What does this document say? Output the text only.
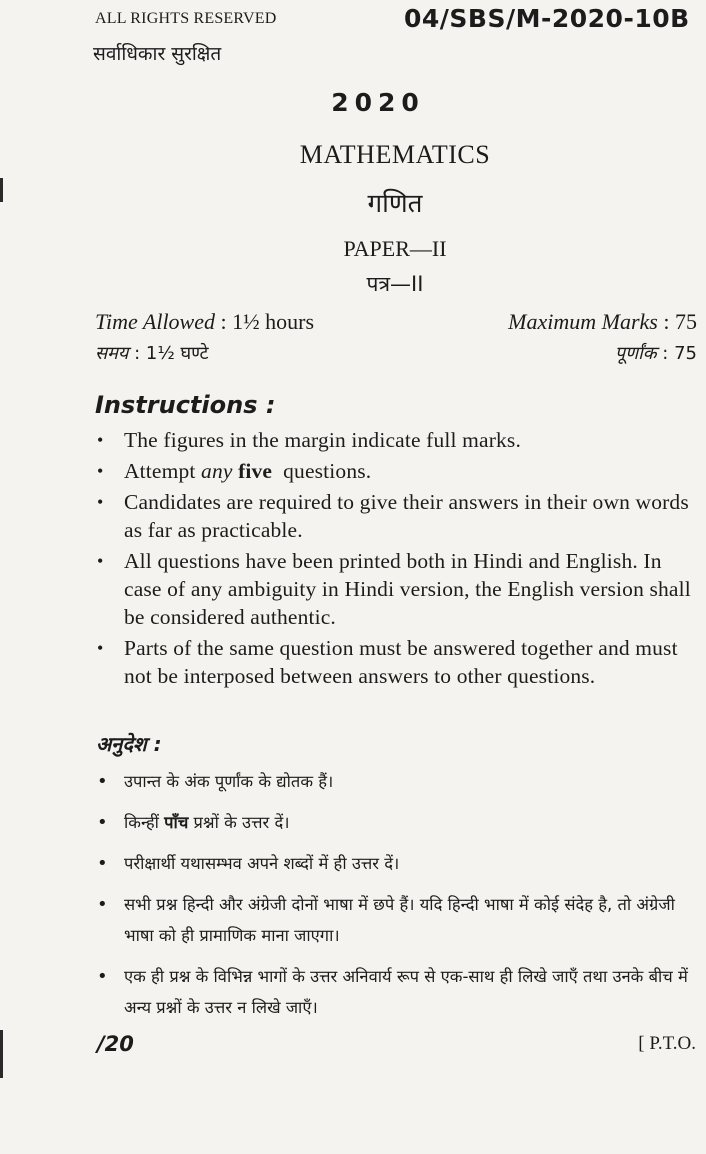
ALL RIGHTS RESERVED
सर्वाधिकार सुरक्षित
04/SBS/M-2020-10B
2020
MATHEMATICS
गणित
PAPER—II
पत्र—II
Time Allowed : 1½ hours
समय : 1½ घण्टे
Maximum Marks : 75
पूर्णांक : 75
Instructions :
• The figures in the margin indicate full marks.
• Attempt any five  questions.
• Candidates are required to give their answers in their own words as far as practicable.
• All questions have been printed both in Hindi and English. In case of any ambiguity in Hindi version, the English version shall be considered authentic.
• Parts of the same question must be answered together and must not be interposed between answers to other questions.
अनुदेश :
• उपान्त के अंक पूर्णांक के द्योतक हैं।
• किन्हीं पाँच प्रश्नों के उत्तर दें।
• परीक्षार्थी यथासम्भव अपने शब्दों में ही उत्तर दें।
• सभी प्रश्न हिन्दी और अंग्रेजी दोनों भाषा में छपे हैं। यदि हिन्दी भाषा में कोई संदेह है, तो अंग्रेजी भाषा को ही प्रामाणिक माना जाएगा।
• एक ही प्रश्न के विभिन्न भागों के उत्तर अनिवार्य रूप से एक-साथ ही लिखे जाएँ तथा उनके बीच में अन्य प्रश्नों के उत्तर न लिखे जाएँ।
/20	[ P.T.O.
